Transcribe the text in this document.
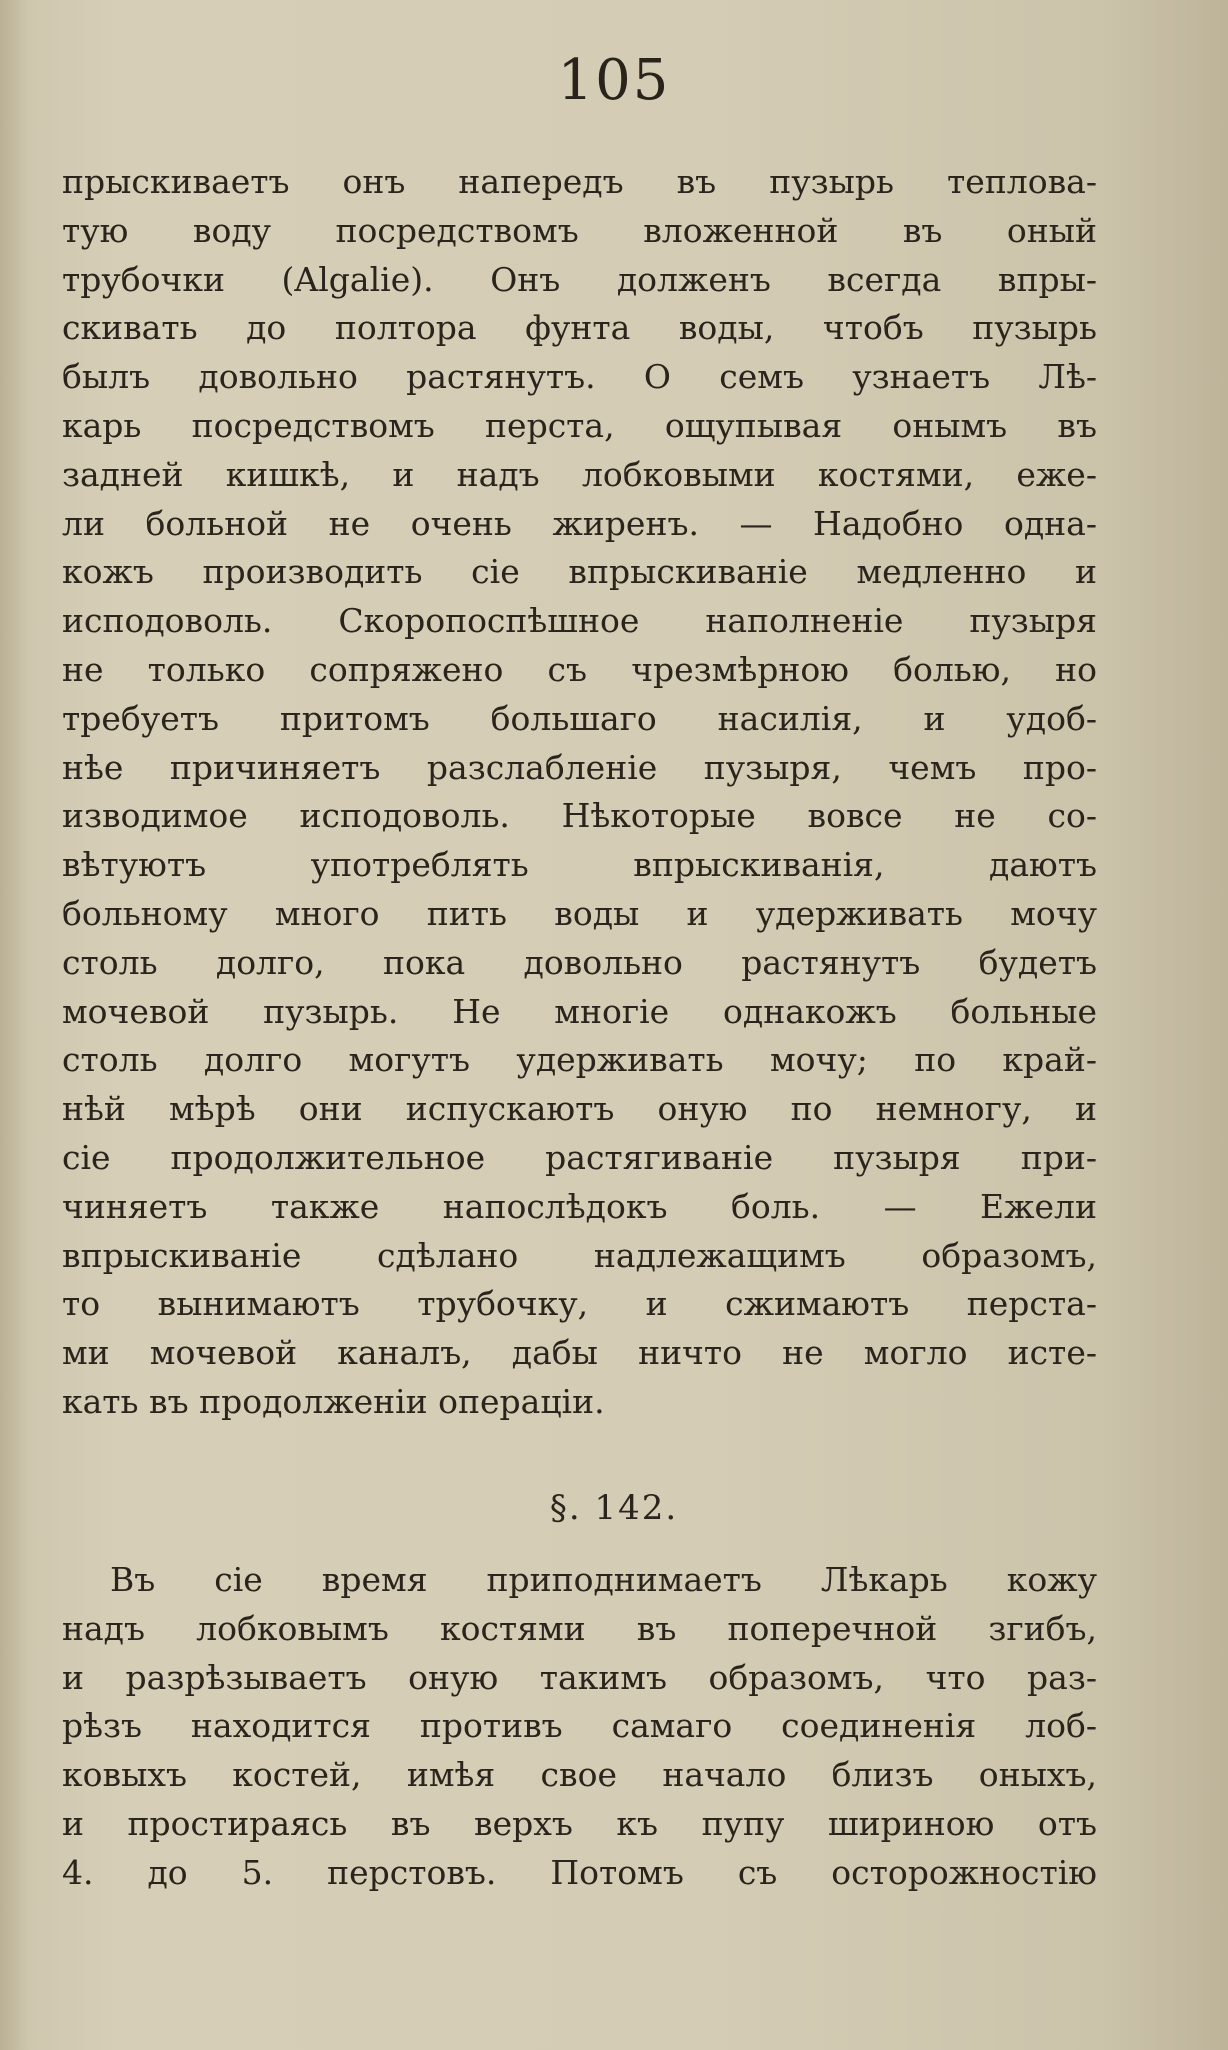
105
прыскиваетъ онъ напередъ въ пузырь теплова-
тую воду посредствомъ вложенной въ оный
трубочки (Algalie). Онъ долженъ всегда впры-
скивать до полтора фунта воды, чтобъ пузырь
былъ довольно растянутъ. О семъ узнаетъ Лѣ-
карь посредствомъ перста, ощупывая онымъ въ
задней кишкѣ, и надъ лобковыми костями, еже-
ли больной не очень жиренъ. — Надобно одна-
кожъ производить сіе впрыскиваніе медленно и
исподоволь. Скоропоспѣшное наполненіе пузыря
не только сопряжено съ чрезмѣрною болью, но
требуетъ притомъ большаго насилія, и удоб-
нѣе причиняетъ разслабленіе пузыря, чемъ про-
изводимое исподоволь. Нѣкоторые вовсе не со-
вѣтуютъ употреблять впрыскиванія, даютъ
больному много пить воды и удерживать мочу
столь долго, пока довольно растянутъ будетъ
мочевой пузырь. Не многіе однакожъ больные
столь долго могутъ удерживать мочу; по край-
нѣй мѣрѣ они испускаютъ оную по немногу, и
сіе продолжительное растягиваніе пузыря при-
чиняетъ также напослѣдокъ боль. — Ежели
впрыскиваніе сдѣлано надлежащимъ образомъ,
то вынимаютъ трубочку, и сжимаютъ перста-
ми мочевой каналъ, дабы ничто не могло исте-
кать въ продолженіи операціи.
§. 142.
Въ сіе время приподнимаетъ Лѣкарь кожу
надъ лобковымъ костями въ поперечной згибъ,
и разрѣзываетъ оную такимъ образомъ, что раз-
рѣзъ находится противъ самаго соединенія лоб-
ковыхъ костей, имѣя свое начало близъ оныхъ,
и простираясь въ верхъ къ пупу шириною отъ
4. до 5. перстовъ. Потомъ съ осторожностію
